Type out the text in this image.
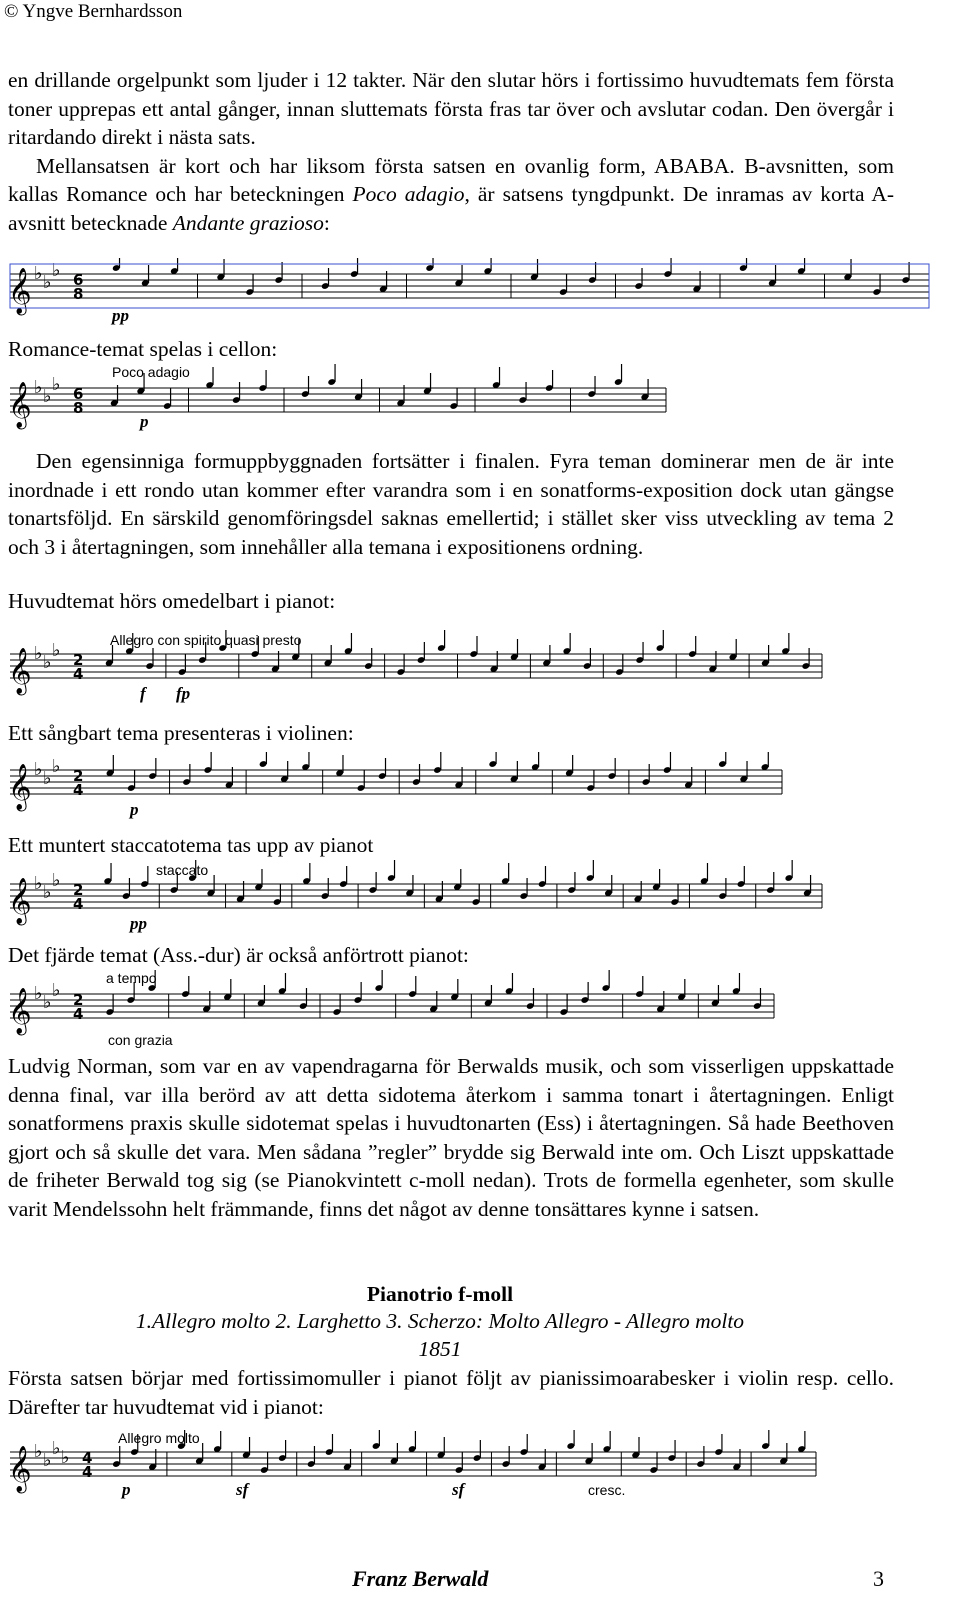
© Yngve Bernhardsson

en drillande orgelpunkt som ljuder i 12 takter. När den slutar hörs i fortissimo huvudtemats fem första toner upprepas ett antal gånger, innan sluttemats första fras tar över och avslutar codan. Den övergår i ritardando direkt i nästa sats.

Mellansatsen är kort och har liksom första satsen en ovanlig form, ABABA. B-avsnitten, som kallas Romance och har beteckningen Poco adagio, är satsens tyngdpunkt. De inramas av korta A-avsnitt betecknade Andante grazioso:

𝄞 ♭ ♭
♭ 6
8
pp
Romance-temat spelas i cellon:
𝄞 ♭ ♭
♭ 6
8
Poco adagio
p

Den egensinniga formuppbyggnaden fortsätter i finalen. Fyra teman dominerar men de är inte inordnade i ett rondo utan kommer efter varandra som i en sonatforms-exposition dock utan gängse tonartsföljd. En särskild genomföringsdel saknas emellertid; i stället sker viss utveckling av tema 2 och 3 i återtagningen, som innehåller alla temana i expositionens ordning.

Huvudtemat hörs omedelbart i pianot:
𝄞 ♭ ♭
♭ 2
4
Allegro con spirito quasi presto
f fp
Ett sångbart tema presenteras i violinen:
𝄞 ♭ ♭
♭ 2
4
p
Ett muntert staccatotema tas upp av pianot
𝄞 ♭ ♭
♭ 2
4
staccato
pp
Det fjärde temat (Ass.-dur) är också anförtrott pianot:
𝄞 ♭ ♭
♭ 2
4
a tempo
con grazia

Ludvig Norman, som var en av vapendragarna för Berwalds musik, och som visserligen uppskattade denna final, var illa berörd av att detta sidotema återkom i samma tonart i återtagningen. Enligt sonatformens praxis skulle sidotemat spelas i huvudtonarten (Ess) i återtagningen. Så hade Beethoven gjort och så skulle det vara. Men sådana ”regler” brydde sig Berwald inte om. Och Liszt uppskattade de friheter Berwald tog sig (se Pianokvintett c-moll nedan). Trots de formella egenheter, som skulle varit Mendelssohn helt främmande, finns det något av denne tonsättares kynne i satsen.

Pianotrio f-moll
1.Allegro molto 2. Larghetto 3. Scherzo: Molto Allegro - Allegro molto
1851

Första satsen börjar med fortissimomuller i pianot följt av pianissimoarabesker i violin resp. cello. Därefter tar huvudtemat vid i pianot:

𝄞 ♭ ♭
♭ ♭ 4
4
Allegro molto
p	sf	sf	cresc.
Franz Berwald	3
